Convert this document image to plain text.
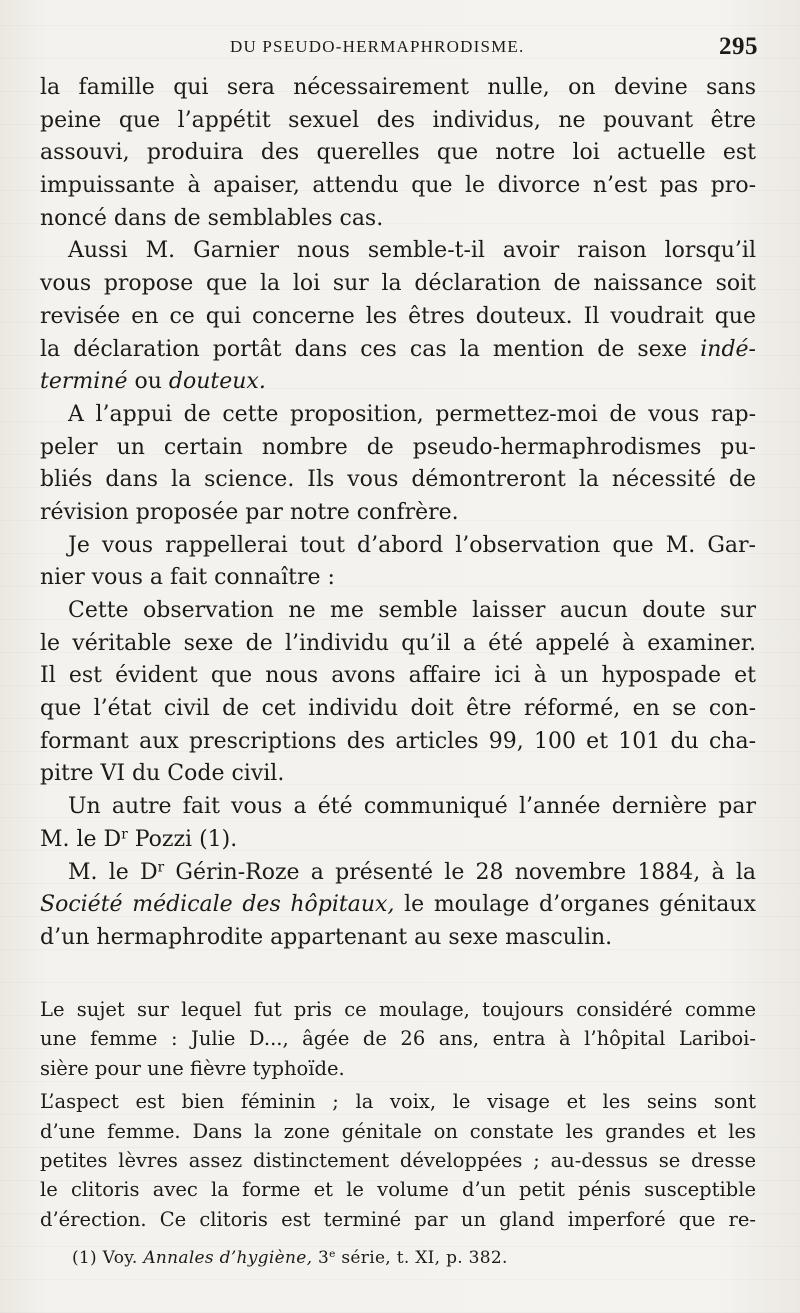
DU PSEUDO-HERMAPHRODISME.	295
la famille qui sera nécessairement nulle, on devine sans
peine que l’appétit sexuel des individus, ne pouvant être
assouvi, produira des querelles que notre loi actuelle est
impuissante à apaiser, attendu que le divorce n’est pas pro-
noncé dans de semblables cas.
Aussi M. Garnier nous semble-t-il avoir raison lorsqu’il
vous propose que la loi sur la déclaration de naissance soit
revisée en ce qui concerne les êtres douteux. Il voudrait que
la déclaration portât dans ces cas la mention de sexe indé-
terminé ou douteux.
A l’appui de cette proposition, permettez-moi de vous rap-
peler un certain nombre de pseudo-hermaphrodismes pu-
bliés dans la science. Ils vous démontreront la nécessité de
révision proposée par notre confrère.
Je vous rappellerai tout d’abord l’observation que M. Gar-
nier vous a fait connaître :
Cette observation ne me semble laisser aucun doute sur
le véritable sexe de l’individu qu’il a été appelé à examiner.
Il est évident que nous avons affaire ici à un hypospade et
que l’état civil de cet individu doit être réformé, en se con-
formant aux prescriptions des articles 99, 100 et 101 du cha-
pitre VI du Code civil.
Un autre fait vous a été communiqué l’année dernière par
M. le $D^r$ Pozzi (1).
M. le $D^r$ Gérin-Roze a présenté le 28 novembre 1884, à la
Société médicale des hôpitaux, le moulage d’organes génitaux
d’un hermaphrodite appartenant au sexe masculin.
Le sujet sur lequel fut pris ce moulage, toujours considéré comme
une femme : Julie D..., âgée de 26 ans, entra à l’hôpital Lariboi-
sière pour une fièvre typhoïde.
L’aspect est bien féminin ; la voix, le visage et les seins sont
d’une femme. Dans la zone génitale on constate les grandes et les
petites lèvres assez distinctement développées ; au-dessus se dresse
le clitoris avec la forme et le volume d’un petit pénis susceptible
d’érection. Ce clitoris est terminé par un gland imperforé que re-
(1) Voy. Annales d’hygiène, 3e série, t. XI, p. 382.
